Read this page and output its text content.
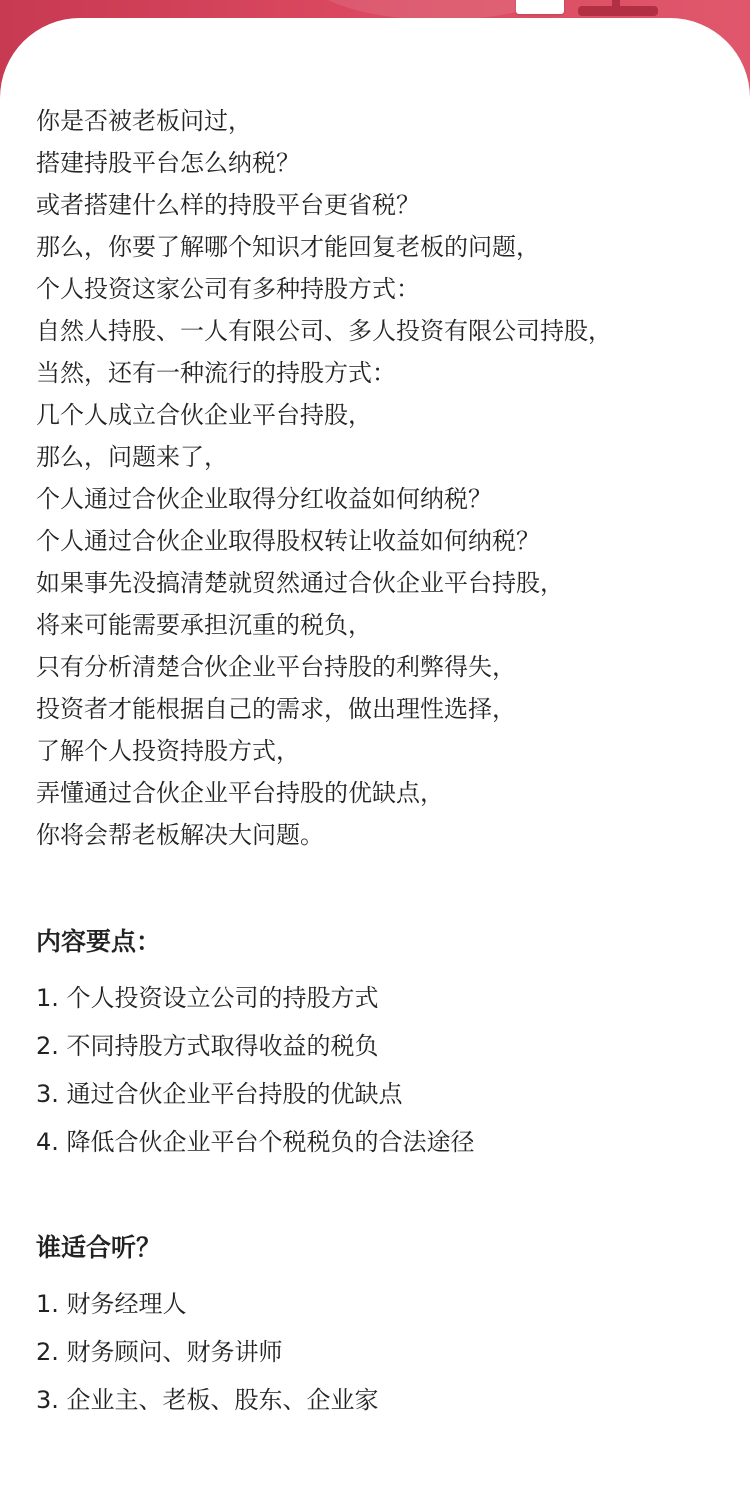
你是否被老板问过，
搭建持股平台怎么纳税？
或者搭建什么样的持股平台更省税？
那么，你要了解哪个知识才能回复老板的问题，
个人投资这家公司有多种持股方式：
自然人持股、一人有限公司、多人投资有限公司持股，
当然，还有一种流行的持股方式：
几个人成立合伙企业平台持股，
那么，问题来了，
个人通过合伙企业取得分红收益如何纳税？
个人通过合伙企业取得股权转让收益如何纳税？
如果事先没搞清楚就贸然通过合伙企业平台持股，
将来可能需要承担沉重的税负，
只有分析清楚合伙企业平台持股的利弊得失，
投资者才能根据自己的需求，做出理性选择，
了解个人投资持股方式，
弄懂通过合伙企业平台持股的优缺点，
你将会帮老板解决大问题。
内容要点：
1. 个人投资设立公司的持股方式
2. 不同持股方式取得收益的税负
3. 通过合伙企业平台持股的优缺点
4. 降低合伙企业平台个税税负的合法途径
谁适合听？
1. 财务经理人
2. 财务顾问、财务讲师
3. 企业主、老板、股东、企业家
